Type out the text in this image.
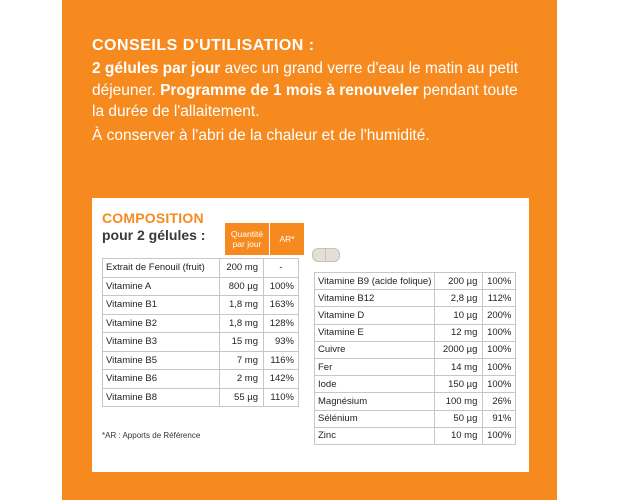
CONSEILS D'UTILISATION :

2 gélules par jour avec un grand verre d'eau le matin au petit déjeuner. Programme de 1 mois à renouveler pendant toute la durée de l'allaitement.

À conserver à l'abri de la chaleur et de l'humidité.

COMPOSITION
pour 2 gélules :	Quantité par jour	AR*
Extrait de Fenouil (fruit)	200 mg	-
Vitamine A	800 µg	100%
Vitamine B1	1,8 mg	163%
Vitamine B2	1,8 mg	128%
Vitamine B3	15 mg	93%
Vitamine B5	7 mg	116%
Vitamine B6	2 mg	142%
Vitamine B8	55 µg	110%
Vitamine B9 (acide folique)	200 µg	100%
Vitamine B12	2,8 µg	112%
Vitamine D	10 µg	200%
Vitamine E	12 mg	100%
Cuivre	2000 µg	100%
Fer	14 mg	100%
Iode	150 µg	100%
Magnésium	100 mg	26%
Sélénium	50 µg	91%
Zinc	10 mg	100%
*AR : Apports de Référence
